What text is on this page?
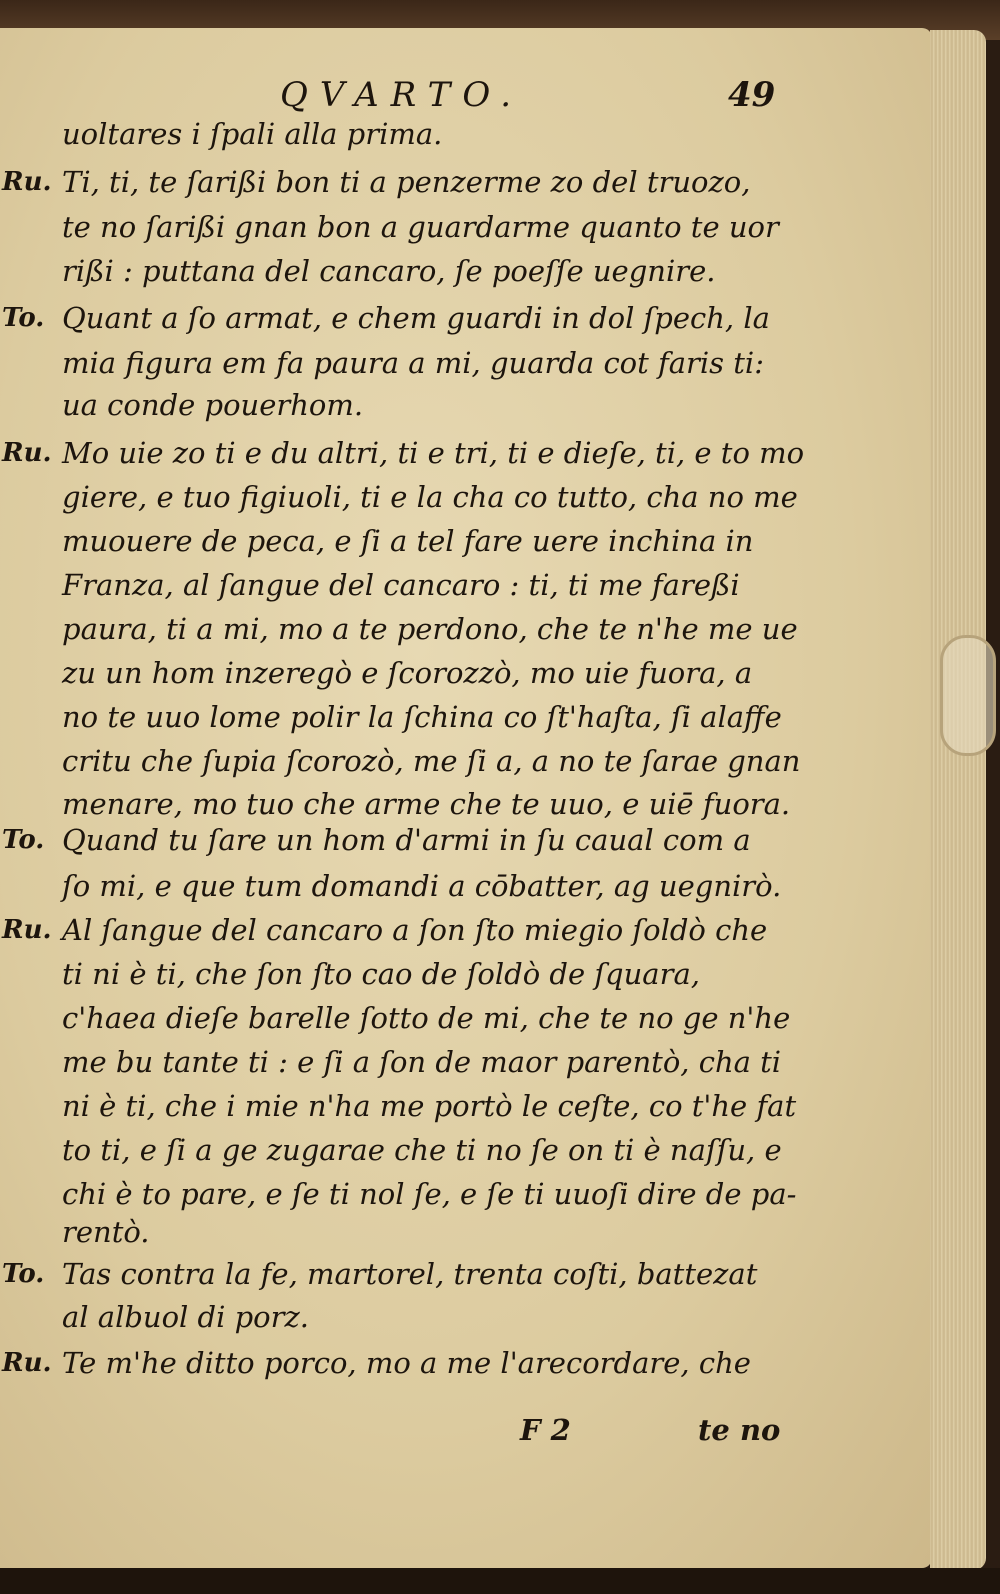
QVARTO.	49
Ru.
To.
Ru.
To.
Ru.
To.
Ru.
uoltares i ſpali alla prima.
Ti, ti, te ſarißi bon ti a penzerme zo del truozo,
te no ſarißi gnan bon a guardarme quanto te uor
rißi : puttana del cancaro, ſe poeſſe uegnire.
Quant a ſo armat, e chem guardi in dol ſpech, la
mia figura em fa paura a mi, guarda cot faris ti:
ua conde pouerhom.
Mo uie zo ti e du altri, ti e tri, ti e dieſe, ti, e to mo
giere, e tuo figiuoli, ti e la cha co tutto, cha no me
muouere de peca, e ſi a tel fare uere inchina in
Franza, al ſangue del cancaro : ti, ti me fareßi
paura, ti a mi, mo a te perdono, che te n'he me ue
zu un hom inzeregò e ſcorozzò, mo uie fuora, a
no te uuo lome polir la ſchina co ſt'haſta, ſi alaffe
critu che ſupia ſcorozò, me ſi a, a no te ſarae gnan
menare, mo tuo che arme che te uuo, e uiē fuora.
Quand tu ſare un hom d'armi in ſu caual com a
ſo mi, e que tum domandi a cōbatter, ag uegnirò.
Al ſangue del cancaro a ſon ſto miegio ſoldò che
ti ni è ti, che ſon ſto cao de ſoldò de ſquara,
c'haea dieſe barelle ſotto de mi, che te no ge n'he
me bu tante ti : e ſi a ſon de maor parentò, cha ti
ni è ti, che i mie n'ha me portò le ceſte, co t'he fat
to ti, e ſi a ge zugarae che ti no ſe on ti è naſſu, e
chi è to pare, e ſe ti nol ſe, e ſe ti uuoſi dire de pa-
rentò.
Tas contra la fe, martorel, trenta coſti, battezat
al albuol di porz.
Te m'he ditto porco, mo a me l'arecordare, che
F 2	te no
